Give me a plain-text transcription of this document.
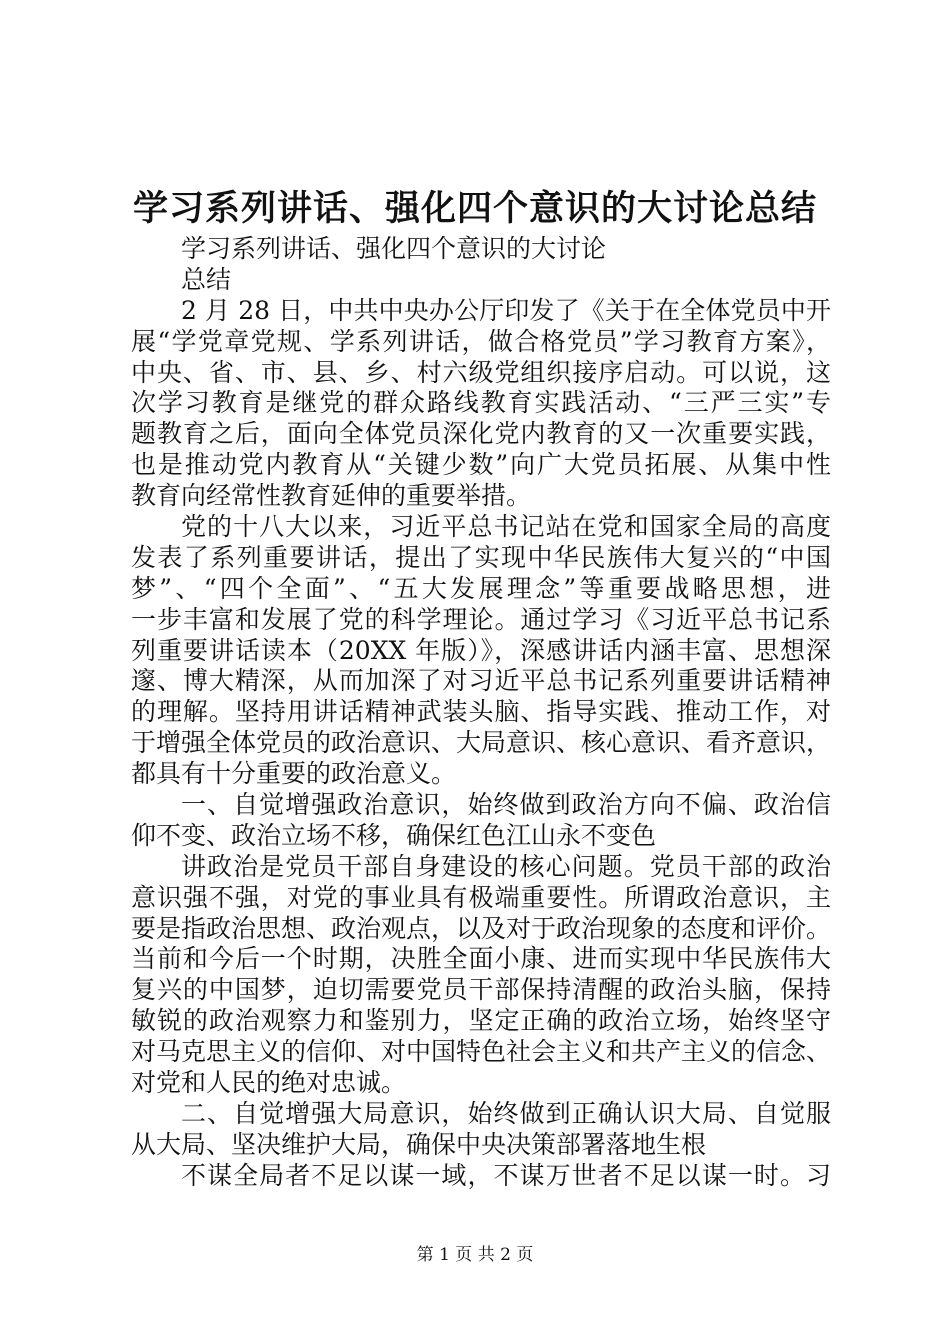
学习系列讲话、强化四个意识的大讨论总结
学习系列讲话、强化四个意识的大讨论
总结
2 月 28 日，中共中央办公厅印发了《关于在全体党员中开
展“学党章党规、学系列讲话，做合格党员”学习教育方案》，
中央、省、市、县、乡、村六级党组织接序启动。可以说，这
次学习教育是继党的群众路线教育实践活动、“三严三实”专
题教育之后，面向全体党员深化党内教育的又一次重要实践，
也是推动党内教育从“关键少数”向广大党员拓展、从集中性
教育向经常性教育延伸的重要举措。
党的十八大以来，习近平总书记站在党和国家全局的高度
发表了系列重要讲话，提出了实现中华民族伟大复兴的“中国
梦”、“四个全面”、“五大发展理念”等重要战略思想，进
一步丰富和发展了党的科学理论。通过学习《习近平总书记系
列重要讲话读本（20XX 年版）》，深感讲话内涵丰富、思想深
邃、博大精深，从而加深了对习近平总书记系列重要讲话精神
的理解。坚持用讲话精神武装头脑、指导实践、推动工作，对
于增强全体党员的政治意识、大局意识、核心意识、看齐意识，
都具有十分重要的政治意义。
一、自觉增强政治意识，始终做到政治方向不偏、政治信
仰不变、政治立场不移，确保红色江山永不变色
讲政治是党员干部自身建设的核心问题。党员干部的政治
意识强不强，对党的事业具有极端重要性。所谓政治意识，主
要是指政治思想、政治观点，以及对于政治现象的态度和评价。
当前和今后一个时期，决胜全面小康、进而实现中华民族伟大
复兴的中国梦，迫切需要党员干部保持清醒的政治头脑，保持
敏锐的政治观察力和鉴别力，坚定正确的政治立场，始终坚守
对马克思主义的信仰、对中国特色社会主义和共产主义的信念、
对党和人民的绝对忠诚。
二、自觉增强大局意识，始终做到正确认识大局、自觉服
从大局、坚决维护大局，确保中央决策部署落地生根
不谋全局者不足以谋一域，不谋万世者不足以谋一时。习
第 1 页 共 2 页
